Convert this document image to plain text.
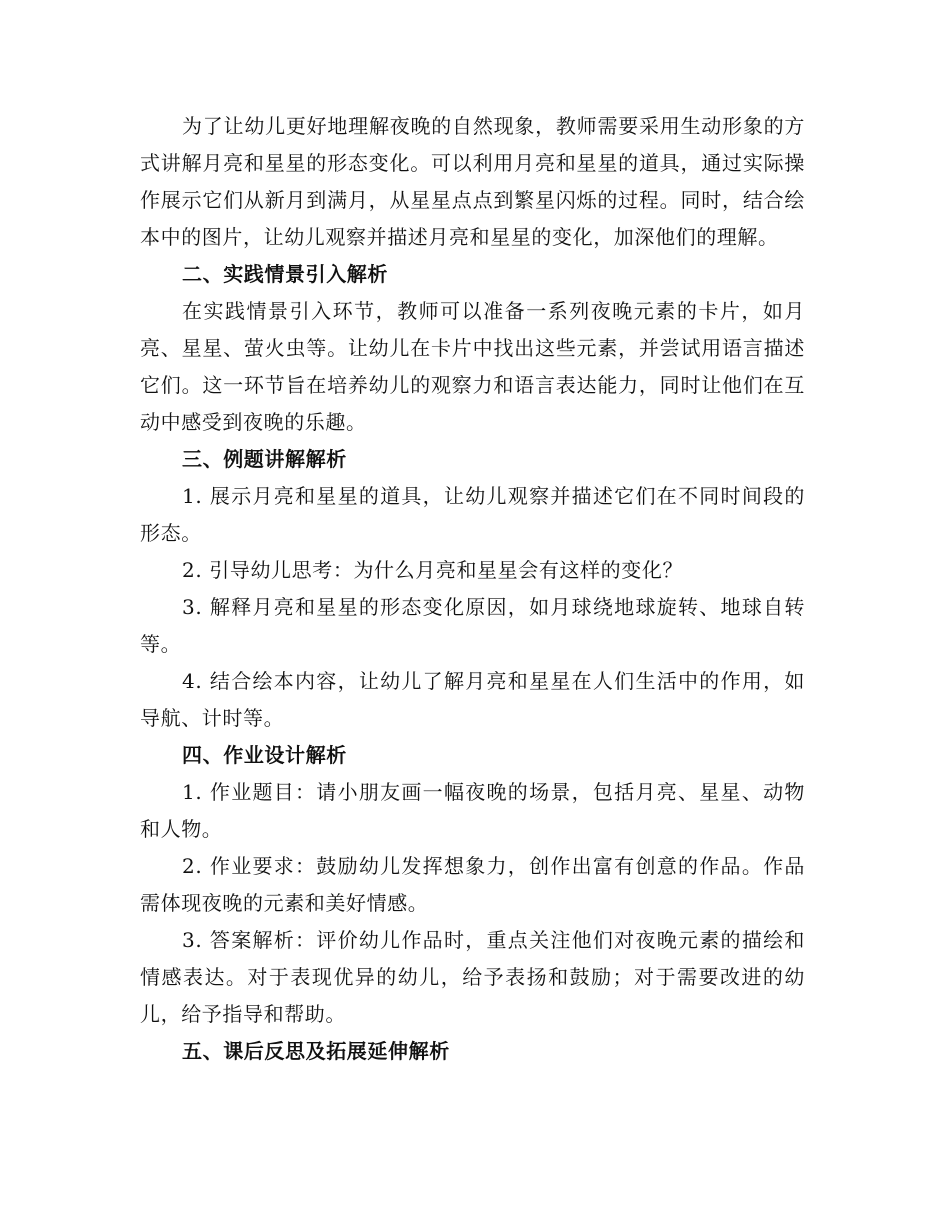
为了让幼儿更好地理解夜晚的自然现象，教师需要采用生动形象的方式讲解月亮和星星的形态变化。可以利用月亮和星星的道具，通过实际操作展示它们从新月到满月，从星星点点到繁星闪烁的过程。同时，结合绘本中的图片，让幼儿观察并描述月亮和星星的变化，加深他们的理解。

二、实践情景引入解析

在实践情景引入环节，教师可以准备一系列夜晚元素的卡片，如月亮、星星、萤火虫等。让幼儿在卡片中找出这些元素，并尝试用语言描述它们。这一环节旨在培养幼儿的观察力和语言表达能力，同时让他们在互动中感受到夜晚的乐趣。

三、例题讲解解析

1. 展示月亮和星星的道具，让幼儿观察并描述它们在不同时间段的形态。

2. 引导幼儿思考：为什么月亮和星星会有这样的变化？

3. 解释月亮和星星的形态变化原因，如月球绕地球旋转、地球自转等。

4. 结合绘本内容，让幼儿了解月亮和星星在人们生活中的作用，如导航、计时等。

四、作业设计解析

1. 作业题目：请小朋友画一幅夜晚的场景，包括月亮、星星、动物和人物。

2. 作业要求：鼓励幼儿发挥想象力，创作出富有创意的作品。作品需体现夜晚的元素和美好情感。

3. 答案解析：评价幼儿作品时，重点关注他们对夜晚元素的描绘和情感表达。对于表现优异的幼儿，给予表扬和鼓励；对于需要改进的幼儿，给予指导和帮助。

五、课后反思及拓展延伸解析
